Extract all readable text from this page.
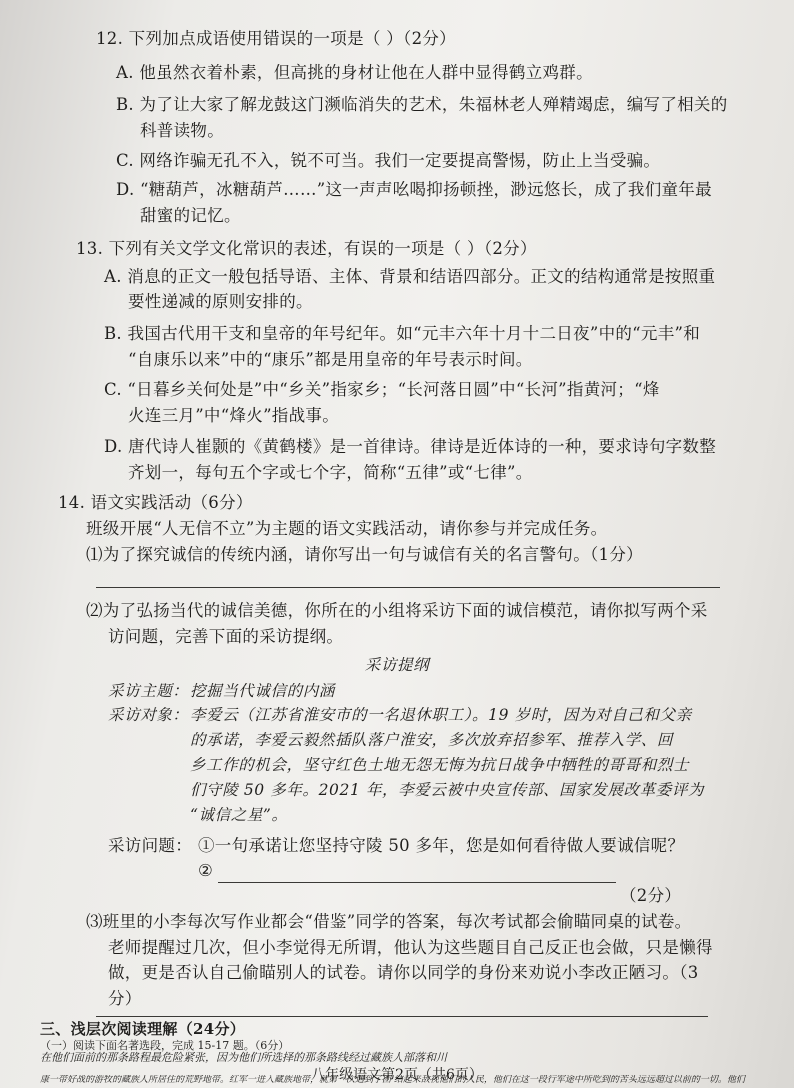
12. 下列加点成语使用错误的一项是（ ）（2分）
A. 他虽然衣着朴素，但高挑的身材让他在人群中显得鹤立鸡群。
B. 为了让大家了解龙鼓这门濒临消失的艺术，朱福林老人殚精竭虑，编写了相关的
科普读物。
C. 网络诈骗无孔不入，锐不可当。我们一定要提高警惕，防止上当受骗。
D. “糖葫芦，冰糖葫芦……”这一声声吆喝抑扬顿挫，渺远悠长，成了我们童年最
甜蜜的记忆。
13. 下列有关文学文化常识的表述，有误的一项是（ ）（2分）
A. 消息的正文一般包括导语、主体、背景和结语四部分。正文的结构通常是按照重
要性递减的原则安排的。
B. 我国古代用干支和皇帝的年号纪年。如“元丰六年十月十二日夜”中的“元丰”和
“自康乐以来”中的“康乐”都是用皇帝的年号表示时间。
C. “日暮乡关何处是”中“乡关”指家乡；“长河落日圆”中“长河”指黄河；“烽
火连三月”中“烽火”指战事。
D. 唐代诗人崔颢的《黄鹤楼》是一首律诗。律诗是近体诗的一种，要求诗句字数整
齐划一，每句五个字或七个字，简称“五律”或“七律”。
14. 语文实践活动（6分）
班级开展“人无信不立”为主题的语文实践活动，请你参与并完成任务。
⑴为了探究诚信的传统内涵，请你写出一句与诚信有关的名言警句。（1分）
⑵为了弘扬当代的诚信美德，你所在的小组将采访下面的诚信模范，请你拟写两个采
访问题，完善下面的采访提纲。
采访提纲
采访主题： 挖掘当代诚信的内涵
采访对象： 李爱云（江苏省淮安市的一名退休职工）。19 岁时，因为对自己和父亲
的承诺，李爱云毅然插队落户淮安，多次放弃招参军、推荐入学、回
乡工作的机会，坚守红色土地无怨无悔为抗日战争中牺牲的哥哥和烈士
们守陵 50 多年。2021 年，李爱云被中央宣传部、国家发展改革委评为
“诚信之星”。
采访问题： ①一句承诺让您坚持守陵 50 多年，您是如何看待做人要诚信呢？
②
（2分）
⑶班里的小李每次写作业都会“借鉴”同学的答案，每次考试都会偷瞄同桌的试卷。
老师提醒过几次，但小李觉得无所谓，他认为这些题目自己反正也会做，只是懒得
做，更是否认自己偷瞄别人的试卷。请你以同学的身份来劝说小李改正陋习。（3
分）
三、浅层次阅读理解（24分）
八年级语文第2页（共6页）
（一）阅读下面名著选段，完成 15-17 题。（6分）
在他们面前的那条路程最危险紧张，因为他们所选择的那条路线经过藏族人部落和川
康一带好战的游牧的藏族人所居住的荒野地带。红军一进入藏族地带，就第一次遇到了团 结起来敌视他们的人民，他们在这一段行军途中所吃到的苦头远远超过以前的一切。他们
